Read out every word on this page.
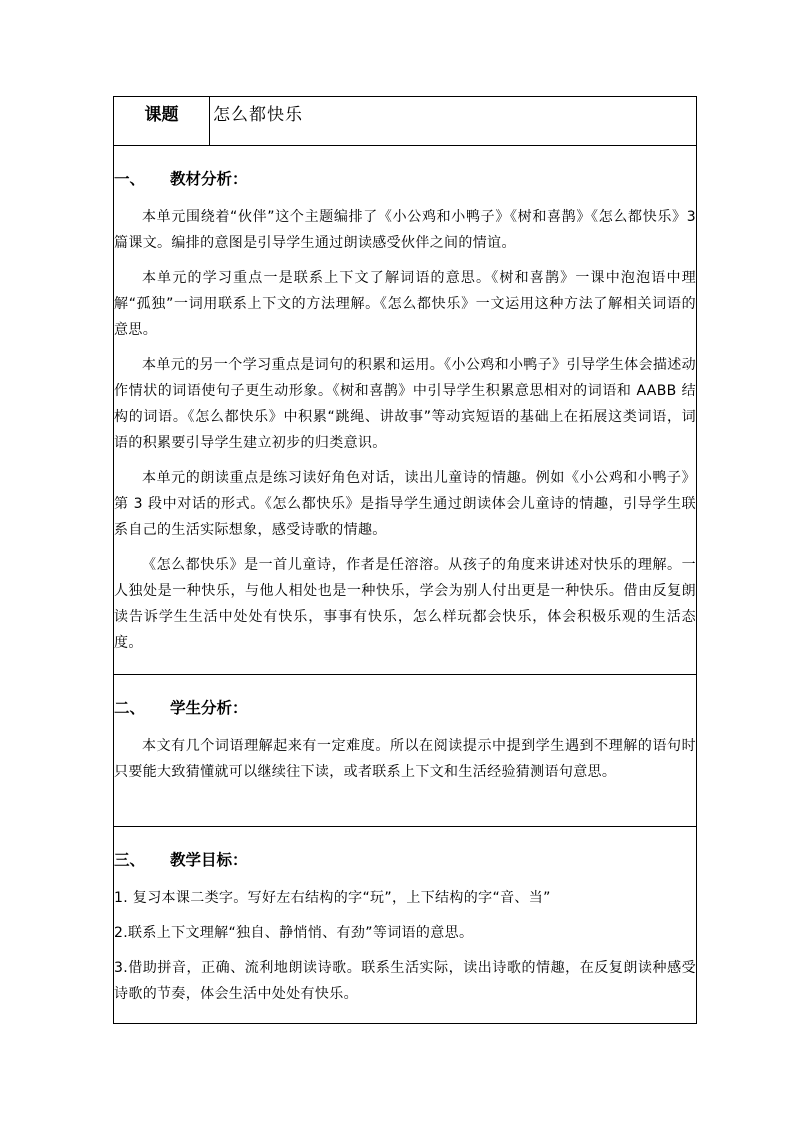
课题	怎么都快乐

一、 教材分析：

本单元围绕着“伙伴”这个主题编排了《小公鸡和小鸭子》《树和喜鹊》《怎么都快乐》3篇课文。编排的意图是引导学生通过朗读感受伙伴之间的情谊。

本单元的学习重点一是联系上下文了解词语的意思。《树和喜鹊》一课中泡泡语中理解“孤独”一词用联系上下文的方法理解。《怎么都快乐》一文运用这种方法了解相关词语的意思。

本单元的另一个学习重点是词句的积累和运用。《小公鸡和小鸭子》引导学生体会描述动作情状的词语使句子更生动形象。《树和喜鹊》中引导学生积累意思相对的词语和 AABB 结构的词语。《怎么都快乐》中积累“跳绳、讲故事”等动宾短语的基础上在拓展这类词语，词语的积累要引导学生建立初步的归类意识。

本单元的朗读重点是练习读好角色对话，读出儿童诗的情趣。例如《小公鸡和小鸭子》第 3 段中对话的形式。《怎么都快乐》是指导学生通过朗读体会儿童诗的情趣，引导学生联系自己的生活实际想象，感受诗歌的情趣。

《怎么都快乐》是一首儿童诗，作者是任溶溶。从孩子的角度来讲述对快乐的理解。一人独处是一种快乐，与他人相处也是一种快乐，学会为别人付出更是一种快乐。借由反复朗读告诉学生生活中处处有快乐，事事有快乐，怎么样玩都会快乐，体会积极乐观的生活态度。

二、 学生分析：

本文有几个词语理解起来有一定难度。所以在阅读提示中提到学生遇到不理解的语句时只要能大致猜懂就可以继续往下读，或者联系上下文和生活经验猜测语句意思。

三、 教学目标：

1. 复习本课二类字。写好左右结构的字“玩”，上下结构的字“音、当”

2.联系上下文理解“独自、静悄悄、有劲”等词语的意思。

3.借助拼音，正确、流利地朗读诗歌。联系生活实际，读出诗歌的情趣，在反复朗读种感受诗歌的节奏，体会生活中处处有快乐。
